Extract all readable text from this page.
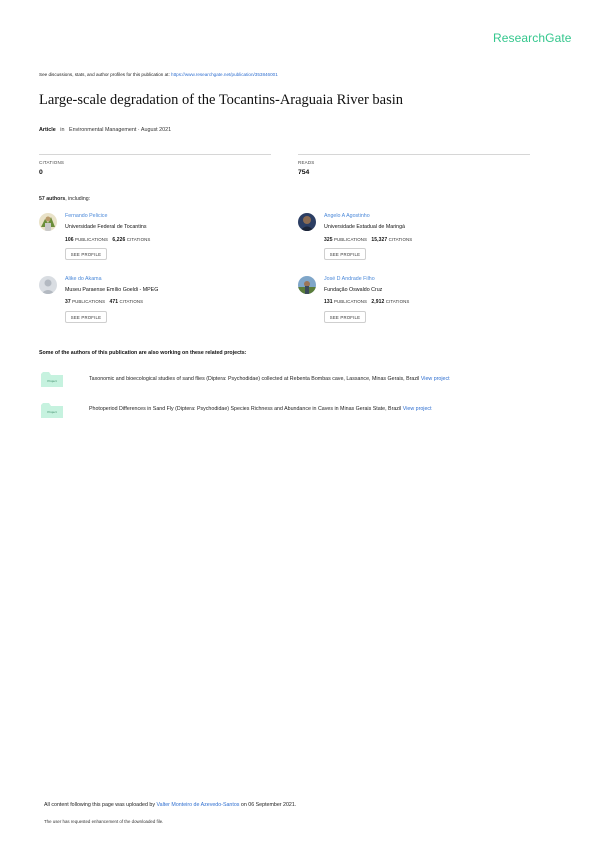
ResearchGate
See discussions, stats, and author profiles for this publication at: https://www.researchgate.net/publication/353846001
Large-scale degradation of the Tocantins-Araguaia River basin
Article in Environmental Management · August 2021
CITATIONS
0
READS
754
57 authors, including:
Fernando Pelicice
Universidade Federal de Tocantins
106 PUBLICATIONS 6,226 CITATIONS
SEE PROFILE
Angelo A Agostinho
Universidade Estadual de Maringá
325 PUBLICATIONS 15,327 CITATIONS
SEE PROFILE
Alike do Akama
Museu Paraense Emílio Goeldi - MPEG
37 PUBLICATIONS 471 CITATIONS
SEE PROFILE
José D Andrade Filho
Fundação Oswaldo Cruz
131 PUBLICATIONS 2,912 CITATIONS
SEE PROFILE
Some of the authors of this publication are also working on these related projects:
Project	Taxonomic and bioecological studies of sand flies (Diptera: Psychodidae) collected at Rebenta Bombas cave, Lassance, Minas Gerais, Brazil View project
Project	Photoperiod Differences in Sand Fly (Diptera: Psychodidae) Species Richness and Abundance in Caves in Minas Gerais State, Brazil View project
All content following this page was uploaded by Valter Monteiro de Azevedo-Santos on 06 September 2021.
The user has requested enhancement of the downloaded file.
